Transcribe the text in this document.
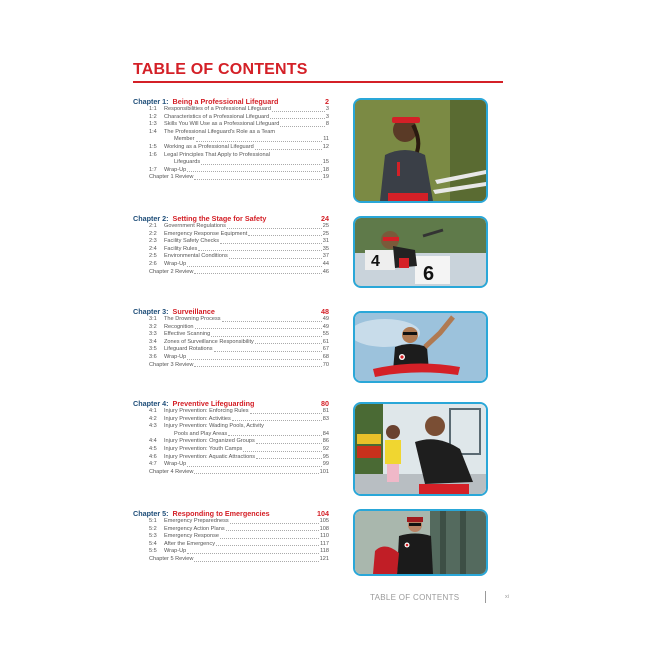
TABLE OF CONTENTS
Chapter 1: Being a Professional Lifeguard	2
1:1	Responsibilities of a Professional Lifeguard	3
1:2	Characteristics of a Professional Lifeguard	3
1:3	Skills You Will Use as a Professional Lifeguard	8
1:4	The Professional Lifeguard's Role as a Team
Member	11
1:5	Working as a Professional Lifeguard	12
1:6	Legal Principles That Apply to Professional
Lifeguards	15
1:7	Wrap-Up	18
Chapter 1 Review	19
Chapter 2: Setting the Stage for Safety	24
2:1	Government Regulations	25
2:2	Emergency Response Equipment	25
2:3	Facility Safety Checks	31
2:4	Facility Rules	35
2:5	Environmental Conditions	37
2:6	Wrap-Up	44
Chapter 2 Review	46
Chapter 3: Surveillance	48
3:1	The Drowning Process	49
3:2	Recognition	49
3:3	Effective Scanning	55
3:4	Zones of Surveillance Responsibility	61
3:5	Lifeguard Rotations	67
3:6	Wrap-Up	68
Chapter 3 Review	70
Chapter 4: Preventive Lifeguarding	80
4:1	Injury Prevention: Enforcing Rules	81
4:2	Injury Prevention: Activities	83
4:3	Injury Prevention: Wading Pools, Activity
Pools and Play Areas	84
4:4	Injury Prevention: Organized Groups	86
4:5	Injury Prevention: Youth Camps	92
4:6	Injury Prevention: Aquatic Attractions	95
4:7	Wrap-Up	99
Chapter 4 Review	101
Chapter 5: Responding to Emergencies	104
5:1	Emergency Preparedness	105
5:2	Emergency Action Plans	108
5:3	Emergency Response	110
5:4	After the Emergency	117
5:5	Wrap-Up	118
Chapter 5 Review	121
4
6
TABLE OF CONTENTS	xi
